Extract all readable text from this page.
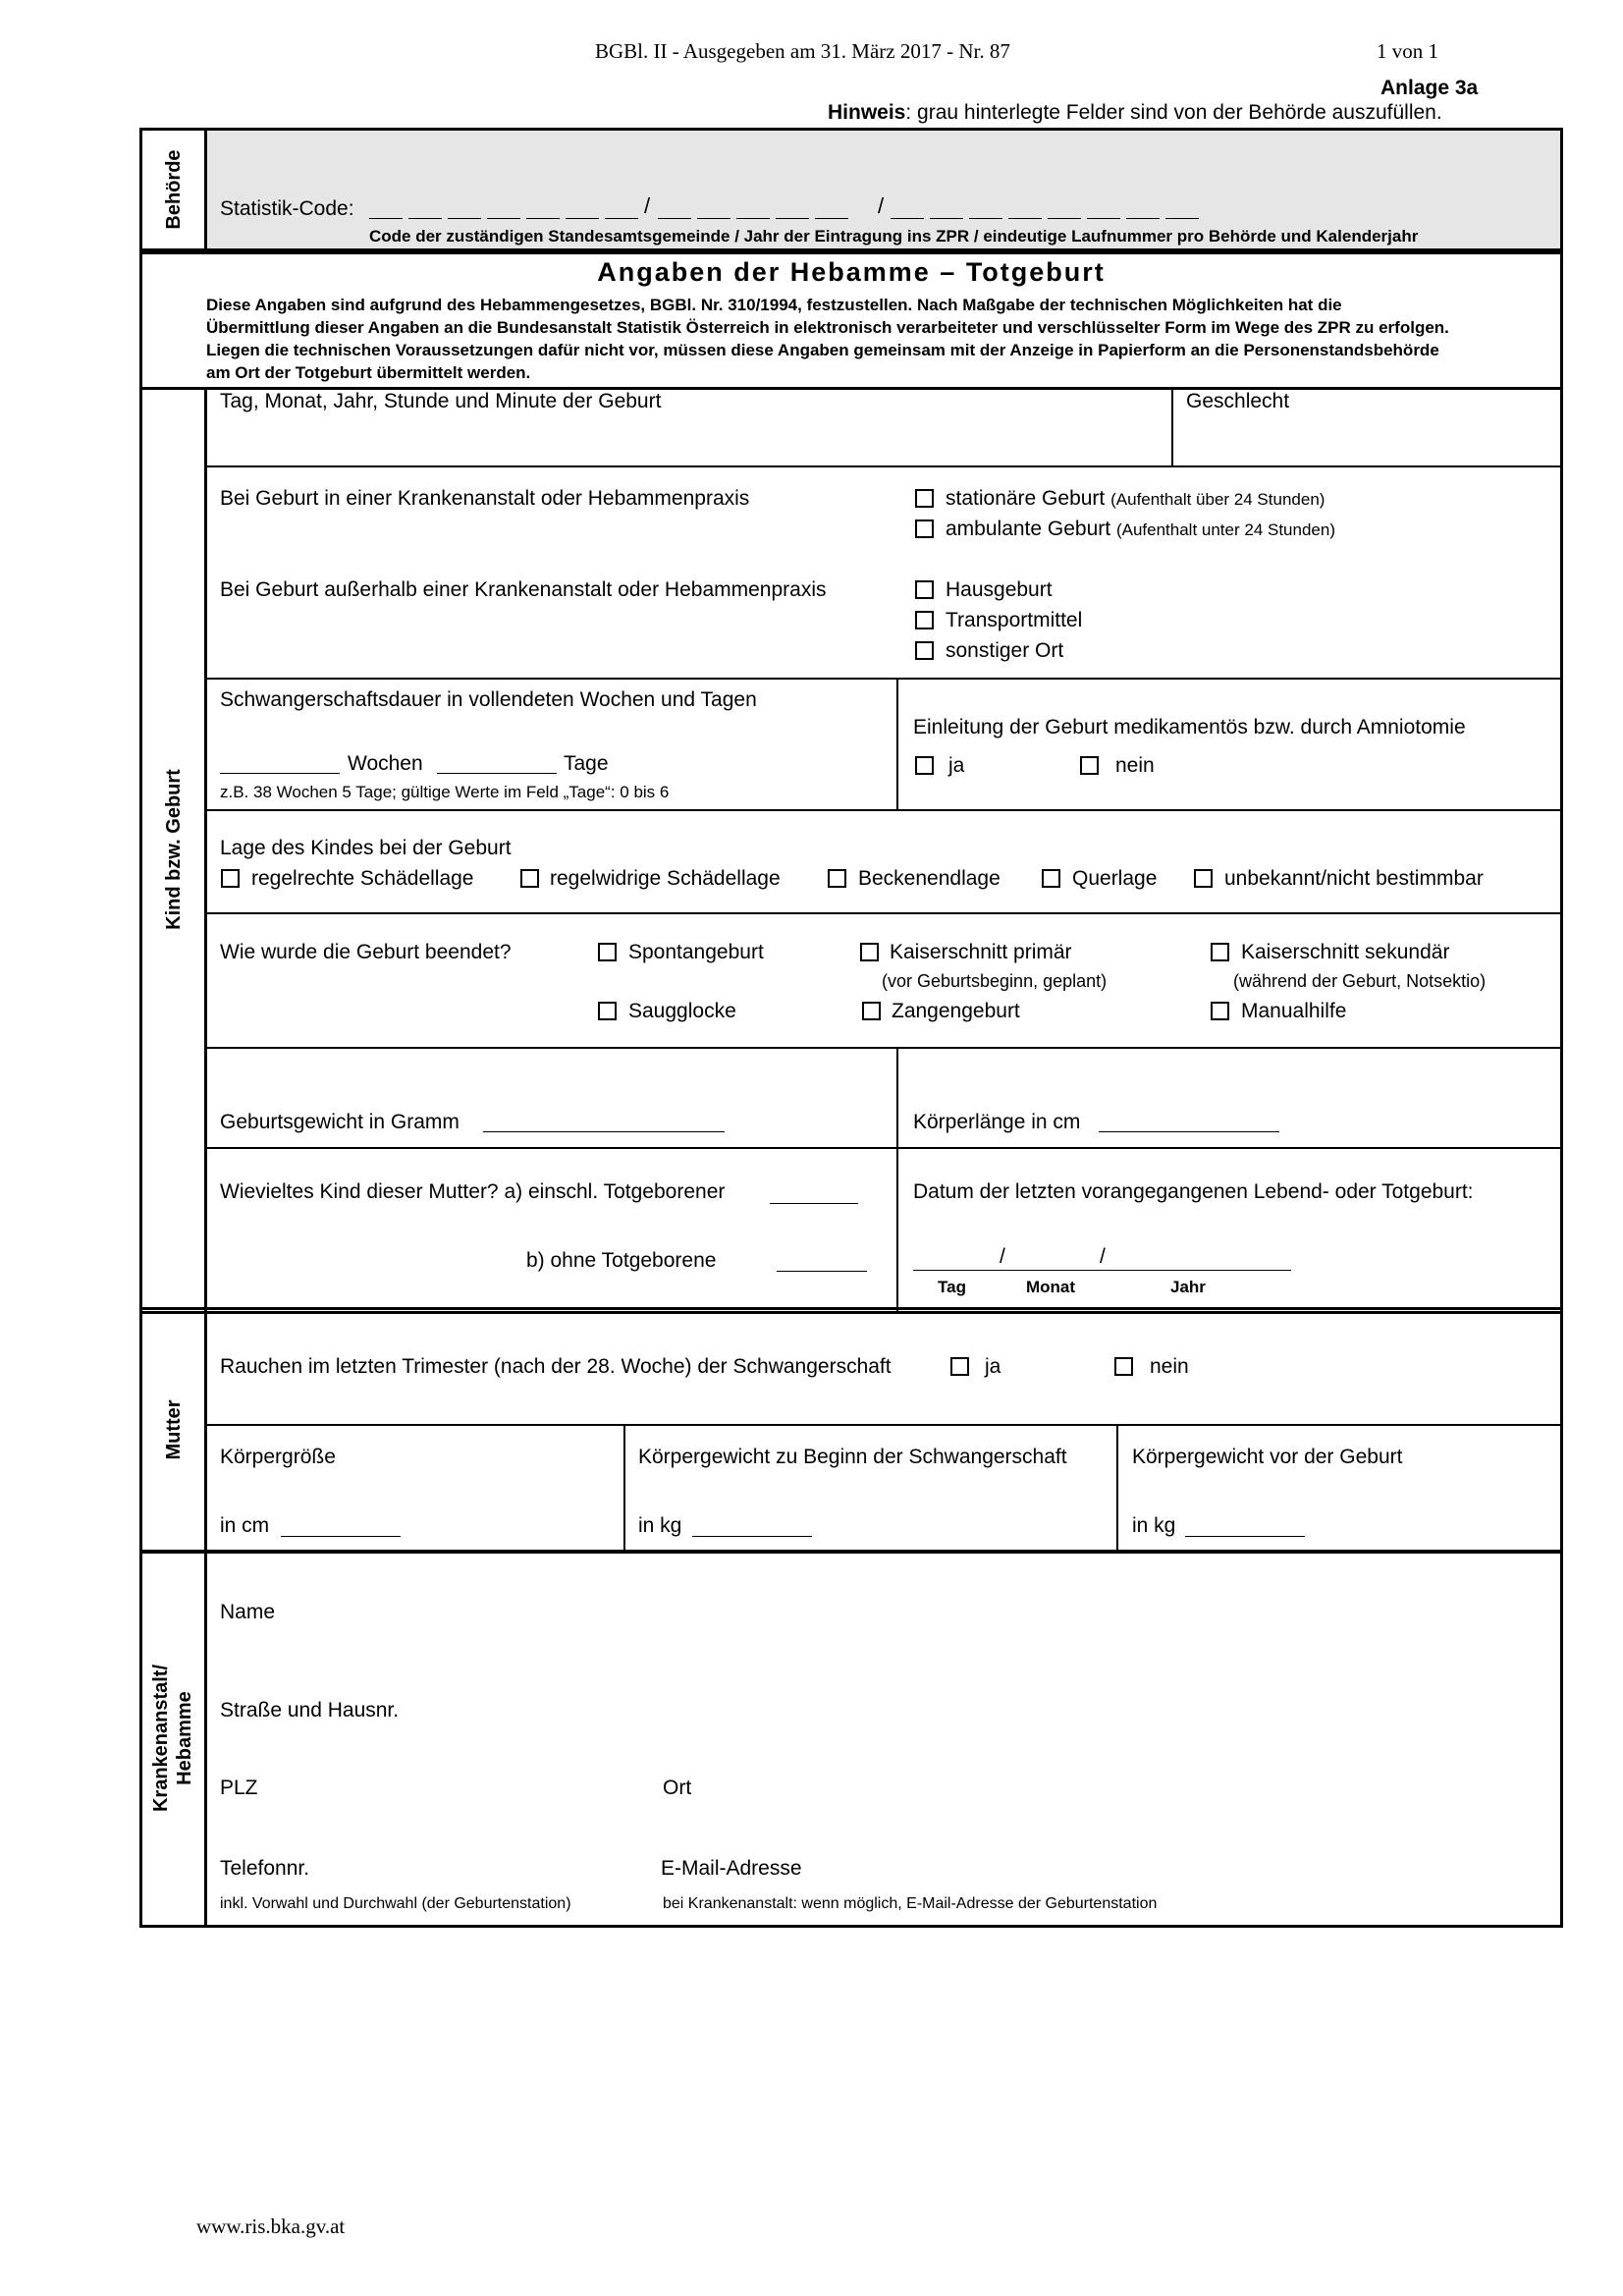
BGBl. II - Ausgegeben am 31. März 2017 - Nr. 87	1 von 1
Anlage 3a
Hinweis: grau hinterlegte Felder sind von der Behörde auszufüllen.
Behörde Statistik-Code:	/	/
Code der zuständigen Standesamtsgemeinde / Jahr der Eintragung ins ZPR / eindeutige Laufnummer pro Behörde und Kalenderjahr
Angaben der Hebamme – Totgeburt
Diese Angaben sind aufgrund des Hebammengesetzes, BGBl. Nr. 310/1994, festzustellen. Nach Maßgabe der technischen Möglichkeiten hat die
Übermittlung dieser Angaben an die Bundesanstalt Statistik Österreich in elektronisch verarbeiteter und verschlüsselter Form im Wege des ZPR zu erfolgen.
Liegen die technischen Voraussetzungen dafür nicht vor, müssen diese Angaben gemeinsam mit der Anzeige in Papierform an die Personenstandsbehörde
am Ort der Totgeburt übermittelt werden.
Kind bzw. Geburt
Tag, Monat, Jahr, Stunde und Minute der Geburt	Geschlecht
Bei Geburt in einer Krankenanstalt oder Hebammenpraxis	stationäre Geburt (Aufenthalt über 24 Stunden)
ambulante Geburt (Aufenthalt unter 24 Stunden)
Bei Geburt außerhalb einer Krankenanstalt oder Hebammenpraxis	Hausgeburt
Transportmittel
sonstiger Ort
Schwangerschaftsdauer in vollendeten Wochen und Tagen
Wochen	Tage
z.B. 38 Wochen 5 Tage; gültige Werte im Feld „Tage“: 0 bis 6
Einleitung der Geburt medikamentös bzw. durch Amniotomie
ja	nein
Lage des Kindes bei der Geburt
regelrechte Schädellage	regelwidrige Schädellage	Beckenendlage	Querlage	unbekannt/nicht bestimmbar
Wie wurde die Geburt beendet?	Spontangeburt	Kaiserschnitt primär
(vor Geburtsbeginn, geplant)
Kaiserschnitt sekundär
(während der Geburt, Notsektio)
Saugglocke	Zangengeburt	Manualhilfe
Geburtsgewicht in Gramm	Körperlänge in cm
Wievieltes Kind dieser Mutter? a) einschl. Totgeborener
b) ohne Totgeborene
Datum der letzten vorangegangenen Lebend- oder Totgeburt:
/	/
Tag	Monat	Jahr
Mutter
Rauchen im letzten Trimester (nach der 28. Woche) der Schwangerschaft	ja	nein
Körpergröße
in cm
Körpergewicht zu Beginn der Schwangerschaft
in kg
Körpergewicht vor der Geburt
in kg
Krankenanstalt/ Hebamme
Name
Straße und Hausnr.
PLZ	Ort
Telefonnr.
inkl. Vorwahl und Durchwahl (der Geburtenstation)
E-Mail-Adresse
bei Krankenanstalt: wenn möglich, E-Mail-Adresse der Geburtenstation
www.ris.bka.gv.at
